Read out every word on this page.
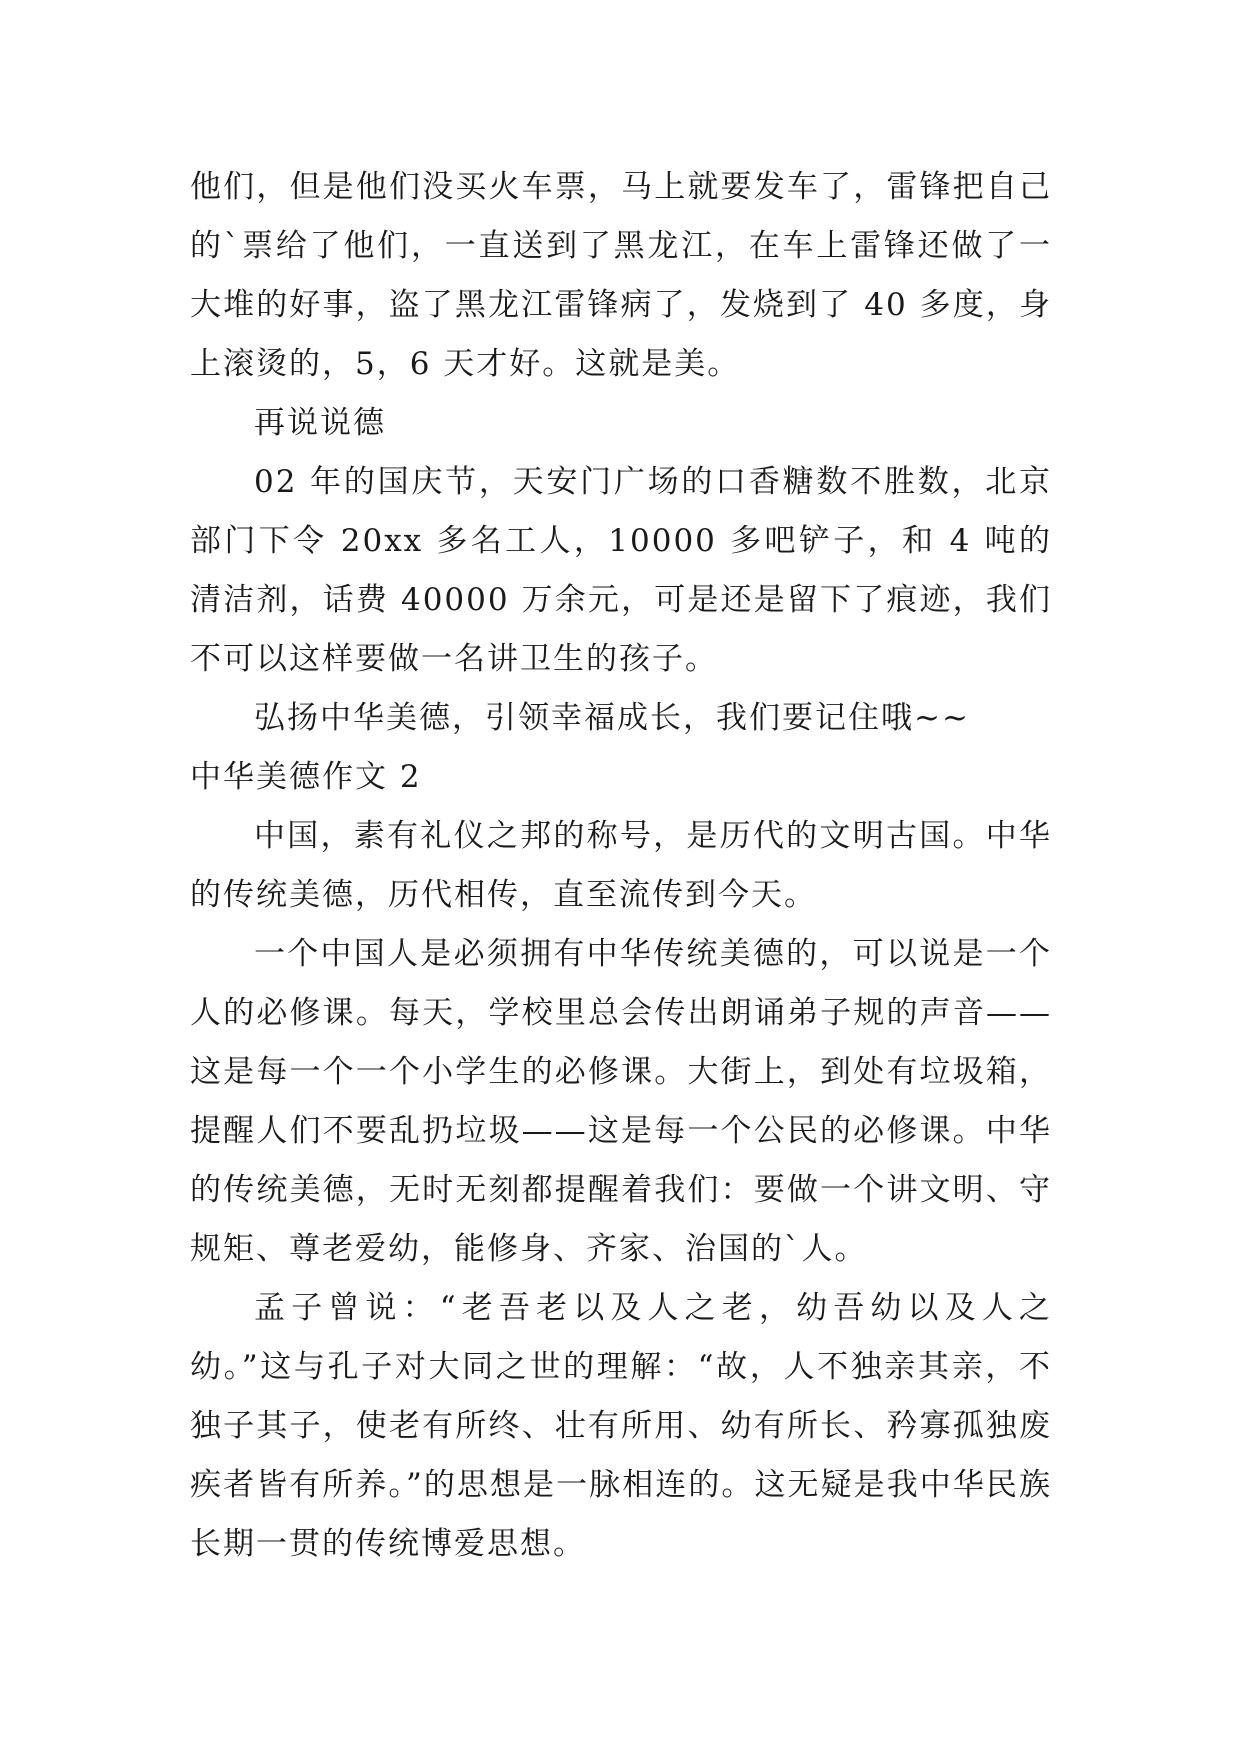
他们，但是他们没买火车票，马上就要发车了，雷锋把自己的`票给了他们，一直送到了黑龙江，在车上雷锋还做了一大堆的好事，盗了黑龙江雷锋病了，发烧到了 40 多度，身上滚烫的，5，6 天才好。这就是美。

再说说德

02 年的国庆节，天安门广场的口香糖数不胜数，北京部门下令 20xx 多名工人，10000 多吧铲子，和 4 吨的清洁剂，话费 40000 万余元，可是还是留下了痕迹，我们不可以这样要做一名讲卫生的孩子。

弘扬中华美德，引领幸福成长，我们要记住哦~~

中华美德作文 2

中国，素有礼仪之邦的称号，是历代的文明古国。中华的传统美德，历代相传，直至流传到今天。

一个中国人是必须拥有中华传统美德的，可以说是一个人的必修课。每天，学校里总会传出朗诵弟子规的声音——这是每一个一个小学生的必修课。大街上，到处有垃圾箱，提醒人们不要乱扔垃圾——这是每一个公民的必修课。中华的传统美德，无时无刻都提醒着我们：要做一个讲文明、守规矩、尊老爱幼，能修身、齐家、治国的`人。

孟子曾说：“老吾老以及人之老，幼吾幼以及人之幼。”这与孔子对大同之世的理解：“故，人不独亲其亲，不独子其子，使老有所终、壮有所用、幼有所长、矜寡孤独废疾者皆有所养。”的思想是一脉相连的。这无疑是我中华民族长期一贯的传统博爱思想。
